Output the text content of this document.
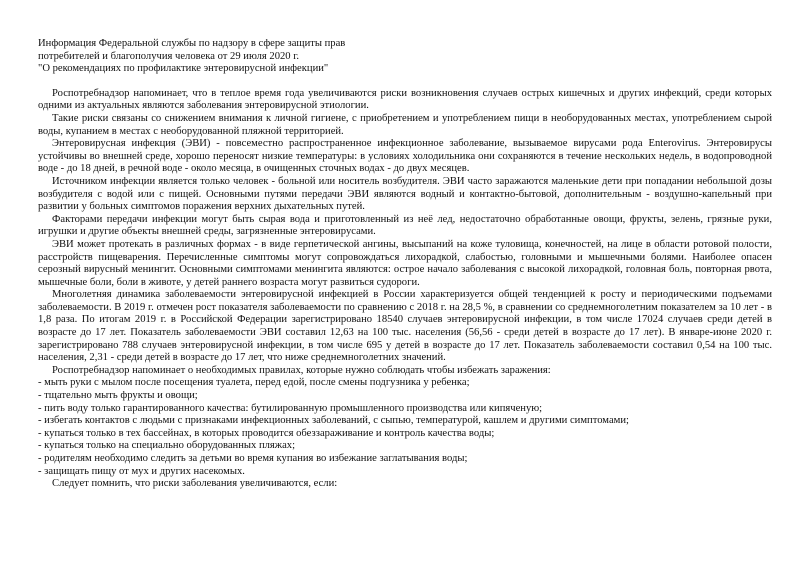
Информация Федеральной службы по надзору в сфере защиты прав

потребителей и благополучия человека от 29 июля 2020 г.

"О рекомендациях по профилактике энтеровирусной инфекции"

Роспотребнадзор напоминает, что в теплое время года увеличиваются риски возникновения случаев острых кишечных и других инфекций, среди которых одними из актуальных являются заболевания энтеровирусной этиологии.

Такие риски связаны со снижением внимания к личной гигиене, с приобретением и употреблением пищи в необорудованных местах, употреблением сырой воды, купанием в местах с необорудованной пляжной территорией.

Энтеровирусная инфекция (ЭВИ) - повсеместно распространенное инфекционное заболевание, вызываемое вирусами рода Enterovirus. Энтеровирусы устойчивы во внешней среде, хорошо переносят низкие температуры: в условиях холодильника они сохраняются в течение нескольких недель, в водопроводной воде - до 18 дней, в речной воде - около месяца, в очищенных сточных водах - до двух месяцев.

Источником инфекции является только человек - больной или носитель возбудителя. ЭВИ часто заражаются маленькие дети при попадании небольшой дозы возбудителя с водой или с пищей. Основными путями передачи ЭВИ являются водный и контактно-бытовой, дополнительным - воздушно-капельный при развитии у больных симптомов поражения верхних дыхательных путей.

Факторами передачи инфекции могут быть сырая вода и приготовленный из неё лед, недостаточно обработанные овощи, фрукты, зелень, грязные руки, игрушки и другие объекты внешней среды, загрязненные энтеровирусами.

ЭВИ может протекать в различных формах - в виде герпетической ангины, высыпаний на коже туловища, конечностей, на лице в области ротовой полости, расстройств пищеварения. Перечисленные симптомы могут сопровождаться лихорадкой, слабостью, головными и мышечными болями. Наиболее опасен серозный вирусный менингит. Основными симптомами менингита являются: острое начало заболевания с высокой лихорадкой, головная боль, повторная рвота, мышечные боли, боли в животе, у детей раннего возраста могут развиться судороги.

Многолетняя динамика заболеваемости энтеровирусной инфекцией в России характеризуется общей тенденцией к росту и периодическими подъемами заболеваемости. В 2019 г. отмечен рост показателя заболеваемости по сравнению с 2018 г. на 28,5 %, в сравнении со среднемноголетним показателем за 10 лет - в 1,8 раза. По итогам 2019 г. в Российской Федерации зарегистрировано 18540 случаев энтеровирусной инфекции, в том числе 17024 случаев среди детей в возрасте до 17 лет. Показатель заболеваемости ЭВИ составил 12,63 на 100 тыс. населения (56,56 - среди детей в возрасте до 17 лет). В январе-июне 2020 г. зарегистрировано 788 случаев энтеровирусной инфекции, в том числе 695 у детей в возрасте до 17 лет. Показатель заболеваемости составил 0,54 на 100 тыс. населения, 2,31 - среди детей в возрасте до 17 лет, что ниже среднемноголетних значений.

Роспотребнадзор напоминает о необходимых правилах, которые нужно соблюдать чтобы избежать заражения:

- мыть руки с мылом после посещения туалета, перед едой, после смены подгузника у ребенка;

- тщательно мыть фрукты и овощи;

- пить воду только гарантированного качества: бутилированную промышленного производства или кипяченую;

- избегать контактов с людьми с признаками инфекционных заболеваний, с сыпью, температурой, кашлем и другими симптомами;

- купаться только в тех бассейнах, в которых проводится обеззараживание и контроль качества воды;

- купаться только на специально оборудованных пляжах;

- родителям необходимо следить за детьми во время купания во избежание заглатывания воды;

- защищать пищу от мух и других насекомых.

Следует помнить, что риски заболевания увеличиваются, если:
